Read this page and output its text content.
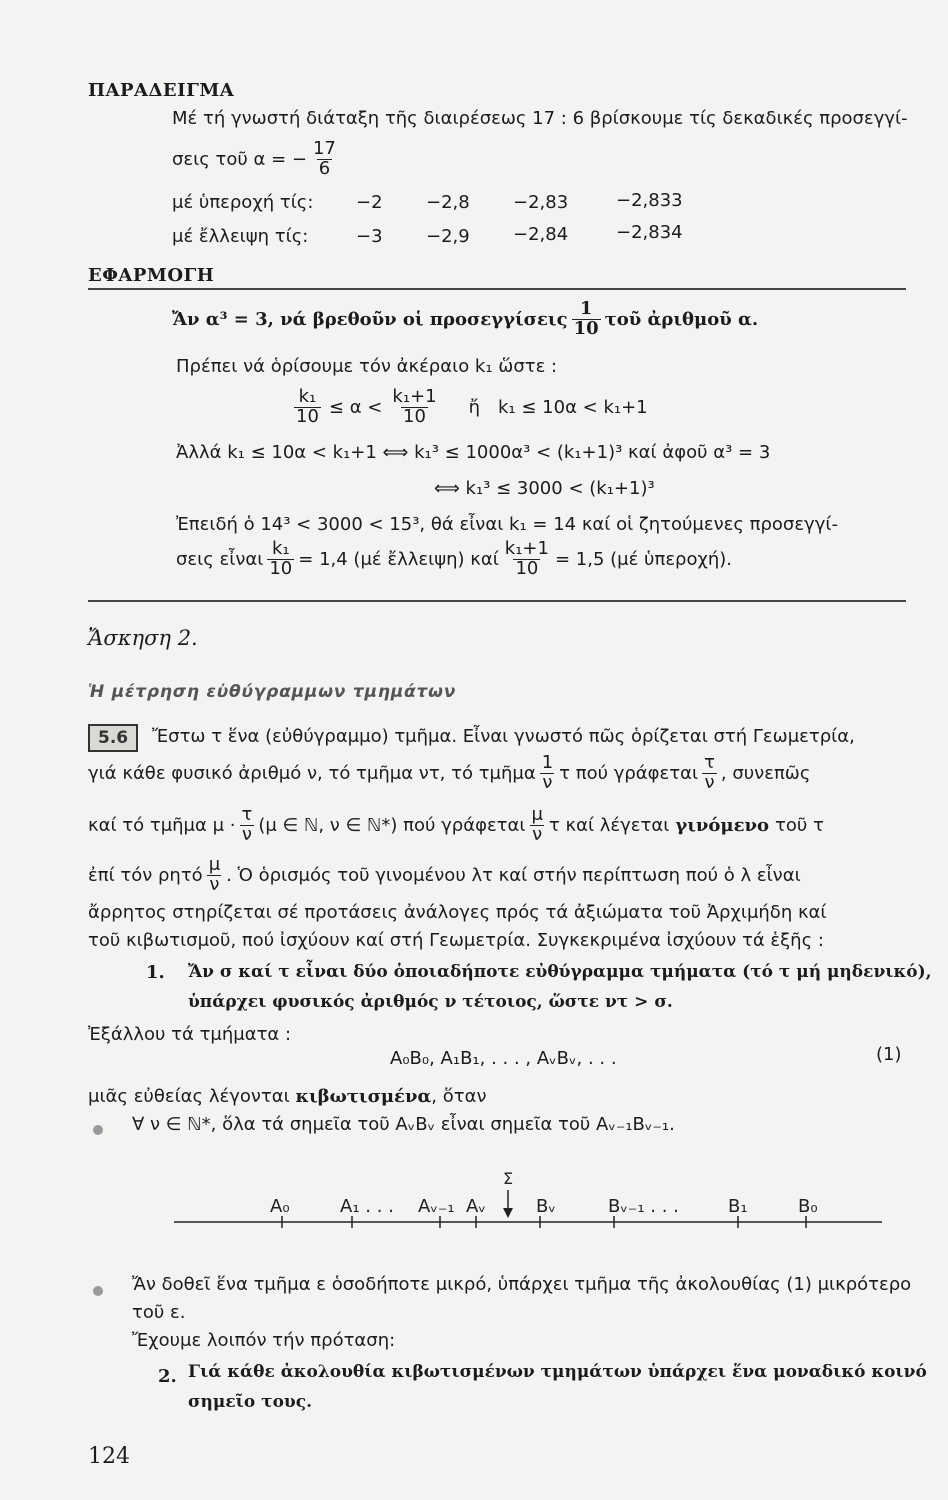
ΠΑΡΑΔΕΙΓΜΑ
Μέ τή γνωστή διάταξη τῆς διαιρέσεως 17 : 6 βρίσκουμε τίς δεκαδικές προσεγγί-
σεις τοῦ α = − $\frac{17}{6}$
μέ ὑπεροχή τίς: −2 −2,8 −2,83	−2,833
μέ ἔλλειψη τίς:	−3 −2,9 −2,84	−2,834
ΕΦΑΡΜΟΓΗ
Ἄν α³ = 3, νά βρεθοῦν οἱ προσεγγίσεις $\frac{1}{10}$ τοῦ ἀριθμοῦ α.
Πρέπει νά ὁρίσουμε τόν ἀκέραιο k₁ ὥστε :
$\frac{\text{k₁}}{10} \le \alpha < \frac{\text{k₁+1}}{10}$ ἤ k₁ ≤ 10α < k₁+1
Ἀλλά k₁ ≤ 10α < k₁+1 ⟺ k₁³ ≤ 1000α³ < (k₁+1)³ καί ἀφοῦ α³ = 3
⟺ k₁³ ≤ 3000 < (k₁+1)³
Ἐπειδή ὁ 14³ < 3000 < 15³, θά εἶναι k₁ = 14 καί οἱ ζητούμενες προσεγγί-
σεις εἶναι $\frac{\text{k₁}}{10} = 1,4$ (μέ ἔλλειψη) καί $\frac{\text{k₁+1}}{10} = 1,5$ (μέ ὑπεροχή).
Ἄσκηση 2.
Ἡ μέτρηση εὐθύγραμμων τμημάτων
5.6	Ἔστω τ ἕνα (εὐθύγραμμο) τμῆμα. Εἶναι γνωστό πῶς ὁρίζεται στή Γεωμετρία,
γιά κάθε φυσικό ἀριθμό ν, τό τμῆμα ντ, τό τμῆμα $\frac{1}{\nu}$ τ πού γράφεται $\frac{\tau}{\nu}$ , συνεπῶς
καί τό τμῆμα $\mu \cdot \frac{\tau}{\nu} (\mu$ ∈ ℕ, ν ∈ ℕ*) πού γράφεται $\frac{\mu}{\nu}$ τ καί λέγεται γινόμενο τοῦ τ
ἐπί τόν ρητό $\frac{\mu}{\nu}$ . Ὁ ὁρισμός τοῦ γινομένου λτ καί στήν περίπτωση πού ὁ λ εἶναι
ἄρρητος στηρίζεται σέ προτάσεις ἀνάλογες πρός τά ἀξιώματα τοῦ Ἀρχιμήδη καί
τοῦ κιβωτισμοῦ, πού ἰσχύουν καί στή Γεωμετρία. Συγκεκριμένα ἰσχύουν τά ἑξῆς :
1. Ἄν σ καί τ εἶναι δύο ὁποιαδήποτε εὐθύγραμμα τμήματα (τό τ μή μηδενικό),
ὑπάρχει φυσικός ἀριθμός ν τέτοιος, ὥστε ντ > σ.
Ἐξάλλου τά τμήματα :
A₀B₀, A₁B₁, . . . , AᵥBᵥ, . . .	(1)
μιᾶς εὐθείας λέγονται κιβωτισμένα, ὅταν
∀ ν ∈ ℕ*, ὅλα τά σημεῖα τοῦ AᵥBᵥ εἶναι σημεῖα τοῦ Aᵥ₋₁Bᵥ₋₁.
Σ
A₀	A₁ . . . Aᵥ₋₁ Aᵥ	Bᵥ	Bᵥ₋₁ . . .	B₁	B₀
Ἄν δοθεῖ ἕνα τμῆμα ε ὁσοδήποτε μικρό, ὑπάρχει τμῆμα τῆς ἀκολουθίας (1) μικρότερο
τοῦ ε.
Ἔχουμε λοιπόν τήν πρόταση:
2. Γιά κάθε ἀκολουθία κιβωτισμένων τμημάτων ὑπάρχει ἕνα μοναδικό κοινό
σημεῖο τους.
124
